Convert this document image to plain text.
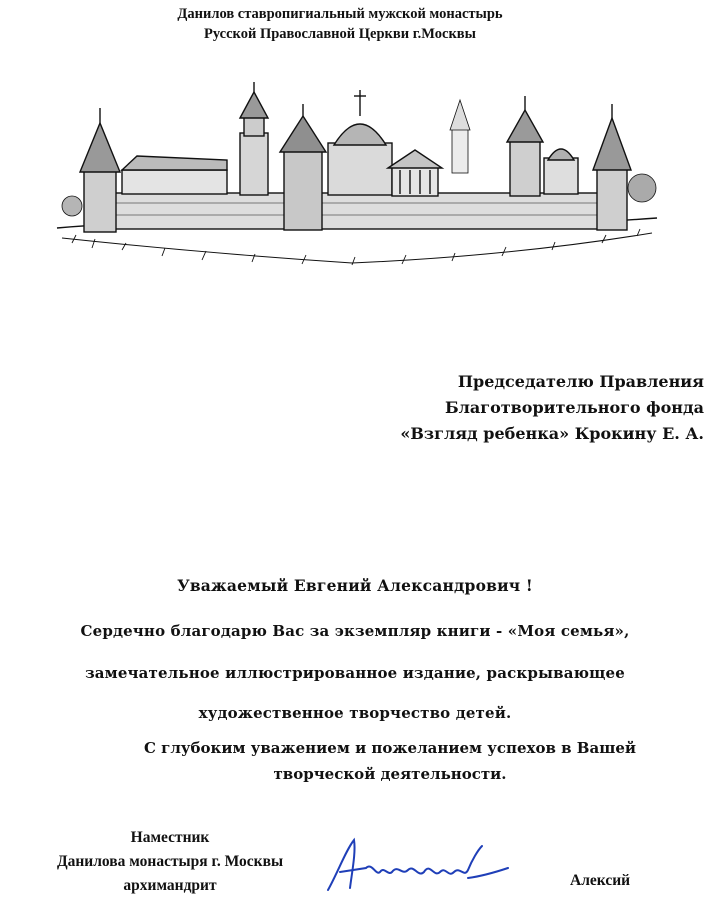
Данилов ставропигиальный мужской монастырь
Русской Православной Церкви г.Москвы
Председателю Правления
Благотворительного фонда
«Взгляд ребенка» Крокину Е. А.
Уважаемый Евгений Александрович !
Сердечно благодарю Вас за экземпляр книги - «Моя семья»,
замечательное иллюстрированное издание, раскрывающее
художественное творчество детей.
С глубоким уважением и пожеланием успехов в Вашей
творческой деятельности.
Наместник
Данилова монастыря г. Москвы
архимандрит	Алексий
